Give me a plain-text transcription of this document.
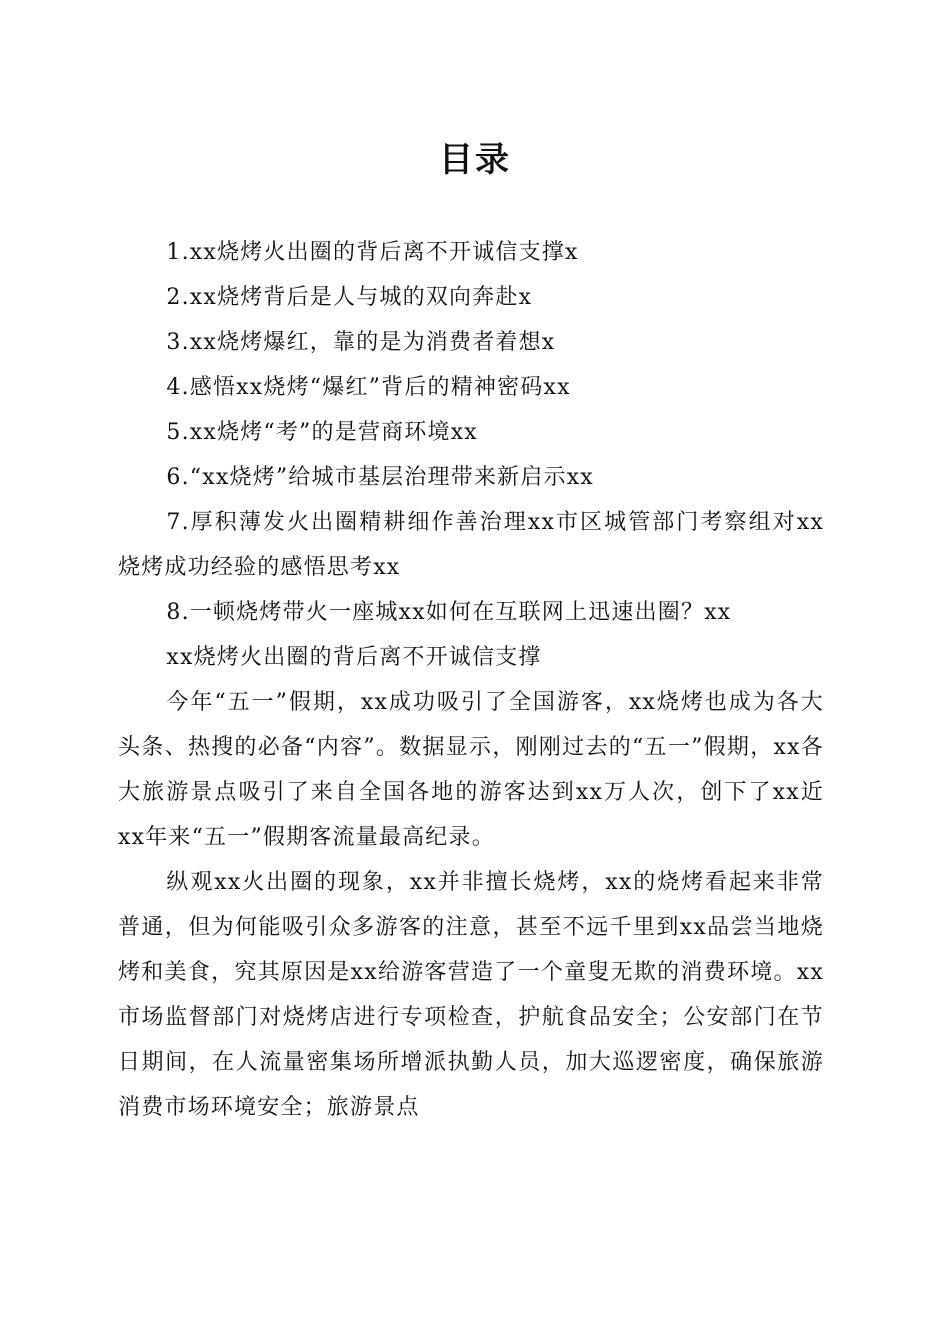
目录

1.xx烧烤火出圈的背后离不开诚信支撑x

2.xx烧烤背后是人与城的双向奔赴x

3.xx烧烤爆红，靠的是为消费者着想x

4.感悟xx烧烤“爆红”背后的精神密码xx

5.xx烧烤“考”的是营商环境xx

6.“xx烧烤”给城市基层治理带来新启示xx

7.厚积薄发火出圈精耕细作善治理xx市区城管部门考察组对xx烧烤成功经验的感悟思考xx

8.一顿烧烤带火一座城xx如何在互联网上迅速出圈？xx

xx烧烤火出圈的背后离不开诚信支撑

今年“五一”假期，xx成功吸引了全国游客，xx烧烤也成为各大头条、热搜的必备“内容”。数据显示，刚刚过去的“五一”假期，xx各大旅游景点吸引了来自全国各地的游客达到xx万人次，创下了xx近xx年来“五一”假期客流量最高纪录。

纵观xx火出圈的现象，xx并非擅长烧烤，xx的烧烤看起来非常普通，但为何能吸引众多游客的注意，甚至不远千里到xx品尝当地烧烤和美食，究其原因是xx给游客营造了一个童叟无欺的消费环境。xx市场监督部门对烧烤店进行专项检查，护航食品安全；公安部门在节日期间，在人流量密集场所增派执勤人员，加大巡逻密度，确保旅游消费市场环境安全；旅游景点
